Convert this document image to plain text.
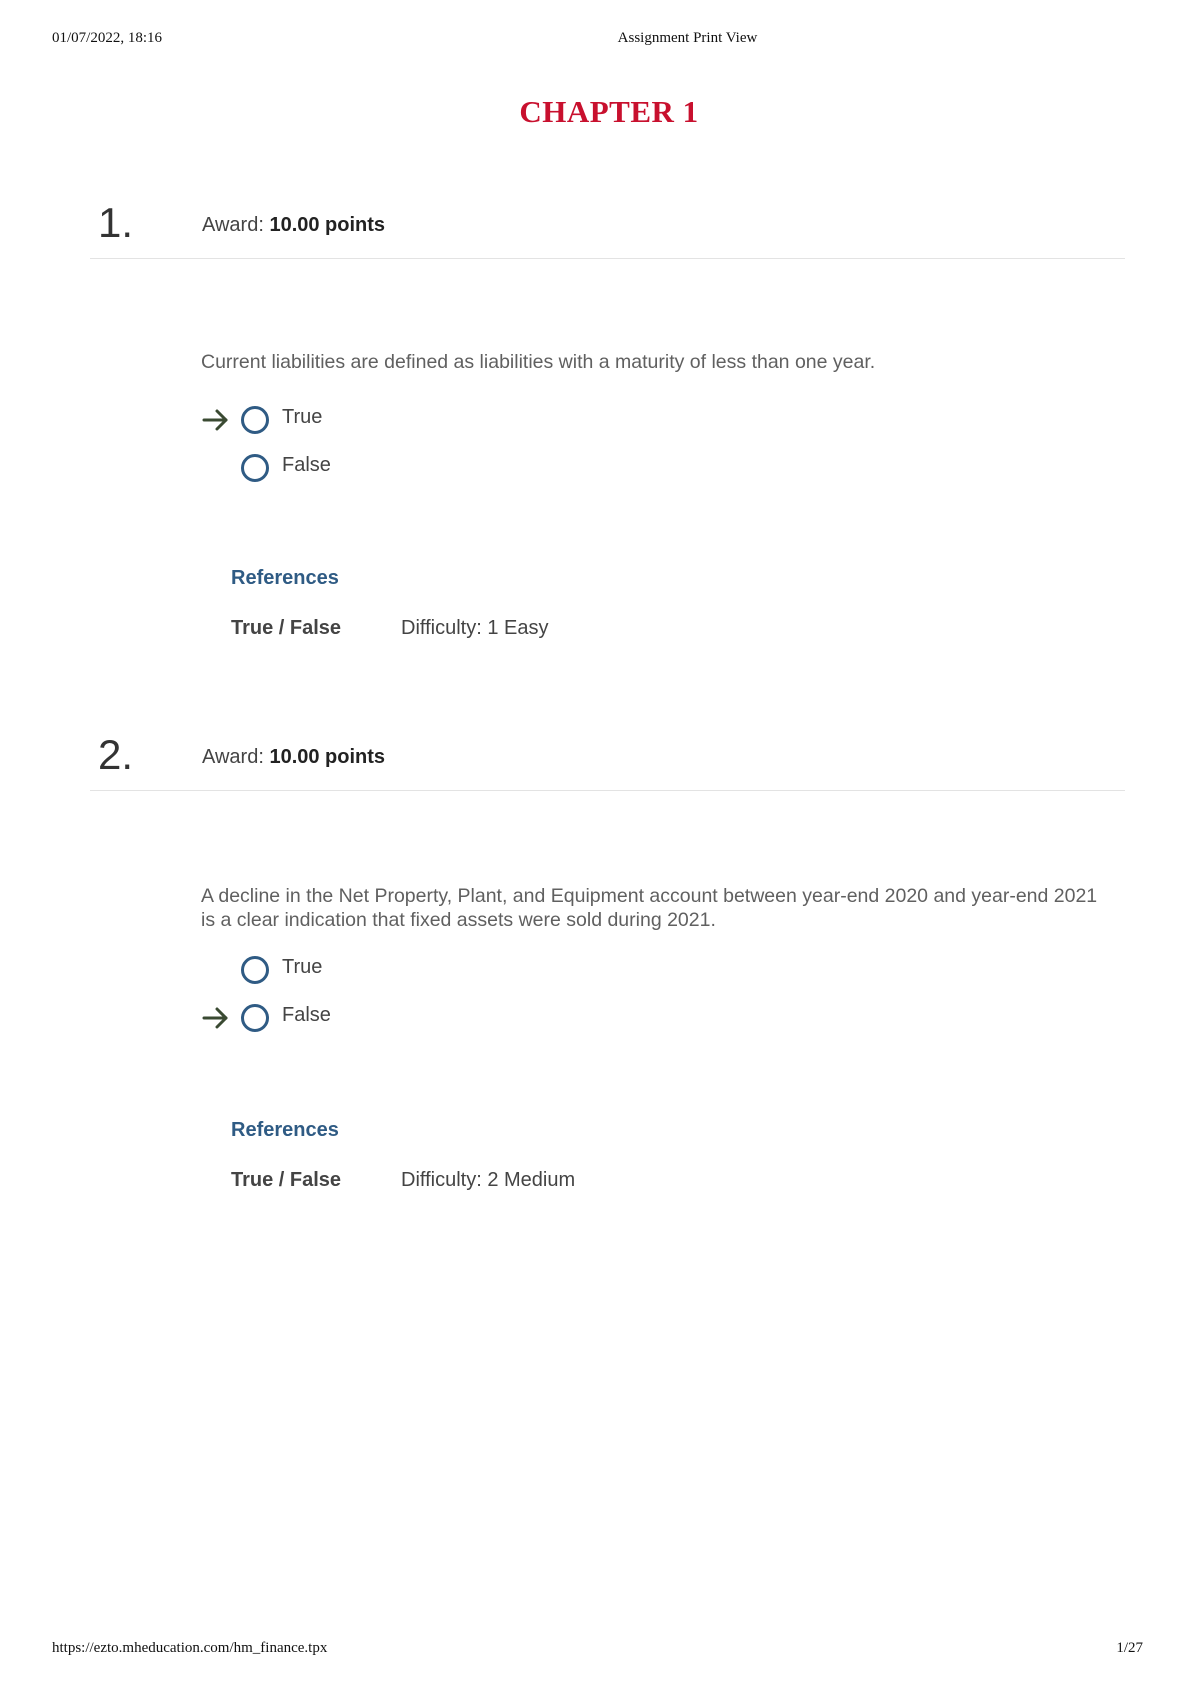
01/07/2022, 18:16	Assignment Print View
CHAPTER 1
1.	Award: 10.00 points
Current liabilities are defined as liabilities with a maturity of less than one year.
True
False
References
True / False	Difficulty: 1 Easy
2.	Award: 10.00 points
A decline in the Net Property, Plant, and Equipment account between year-end 2020 and year-end 2021 is a clear indication that fixed assets were sold during 2021.
True
False
References
True / False	Difficulty: 2 Medium
https://ezto.mheducation.com/hm_finance.tpx	1/27
